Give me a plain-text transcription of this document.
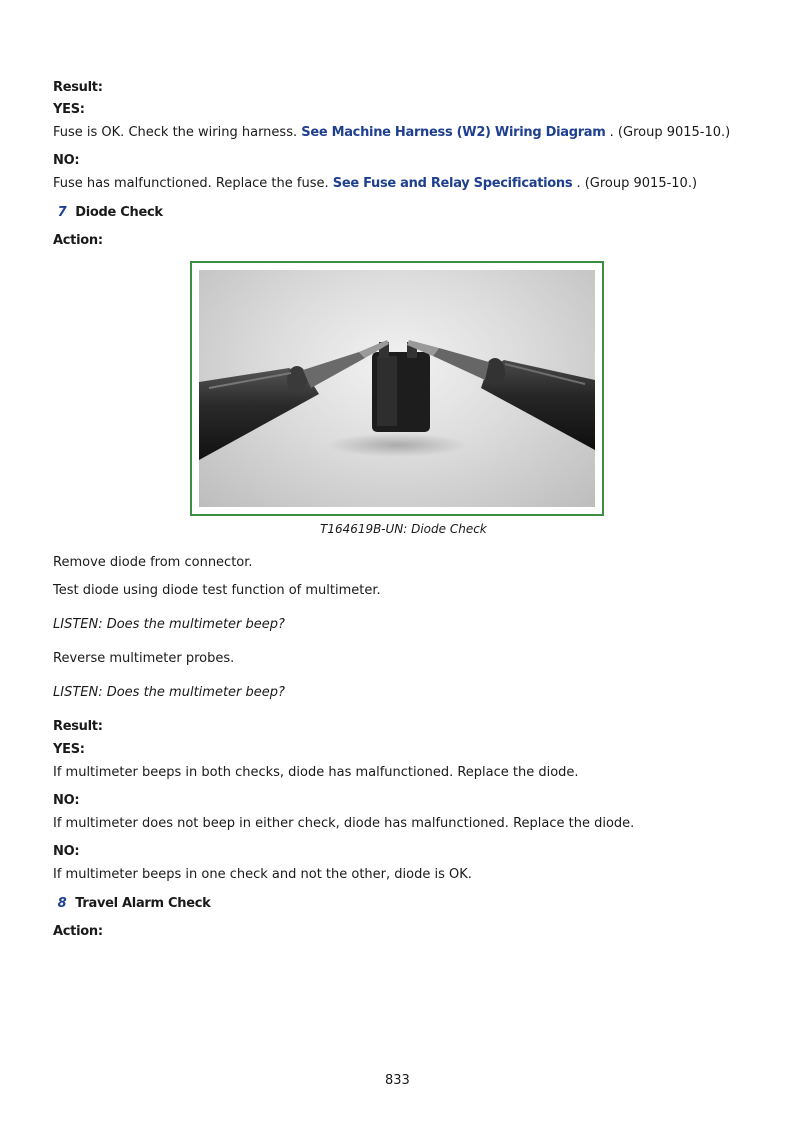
Result:
YES:
Fuse is OK. Check the wiring harness. See Machine Harness (W2) Wiring Diagram . (Group 9015-10.)
NO:
Fuse has malfunctioned. Replace the fuse. See Fuse and Relay Specifications . (Group 9015-10.)
7 Diode Check
Action:
T164619B-UN: Diode Check
Remove diode from connector.
Test diode using diode test function of multimeter.
LISTEN: Does the multimeter beep?
Reverse multimeter probes.
LISTEN: Does the multimeter beep?
Result:
YES:
If multimeter beeps in both checks, diode has malfunctioned. Replace the diode.
NO:
If multimeter does not beep in either check, diode has malfunctioned. Replace the diode.
NO:
If multimeter beeps in one check and not the other, diode is OK.
8 Travel Alarm Check
Action:
833
